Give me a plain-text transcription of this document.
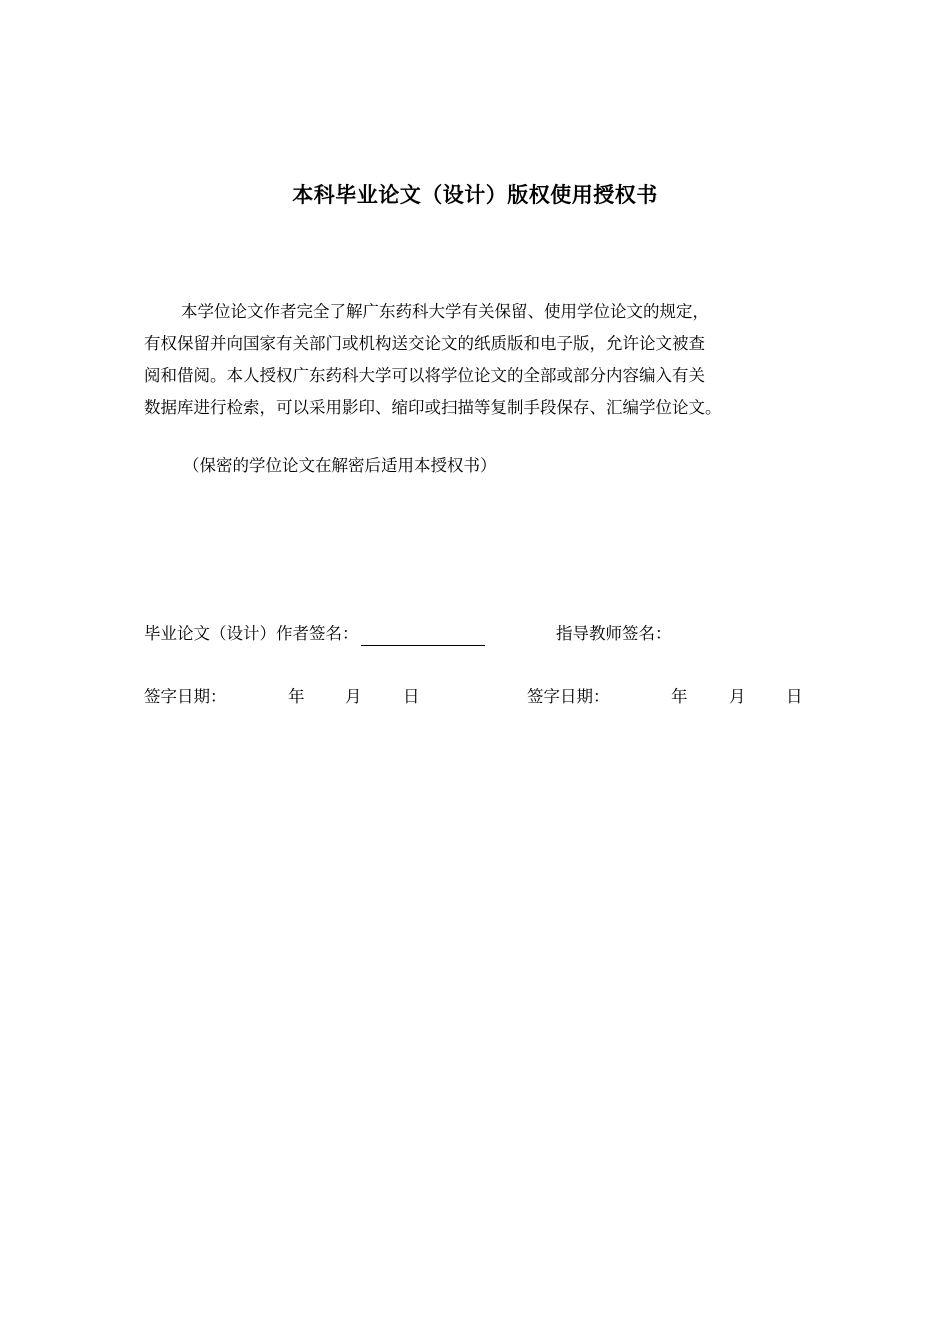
本科毕业论文（设计）版权使用授权书
本学位论文作者完全了解广东药科大学有关保留、使用学位论文的规定，
有权保留并向国家有关部门或机构送交论文的纸质版和电子版，允许论文被查
阅和借阅。本人授权广东药科大学可以将学位论文的全部或部分内容编入有关
数据库进行检索，可以采用影印、缩印或扫描等复制手段保存、汇编学位论文。
（保密的学位论文在解密后适用本授权书）
毕业论文（设计）作者签名：	指导教师签名：
签字日期：	年 月	日	签字日期：	年	月 日
